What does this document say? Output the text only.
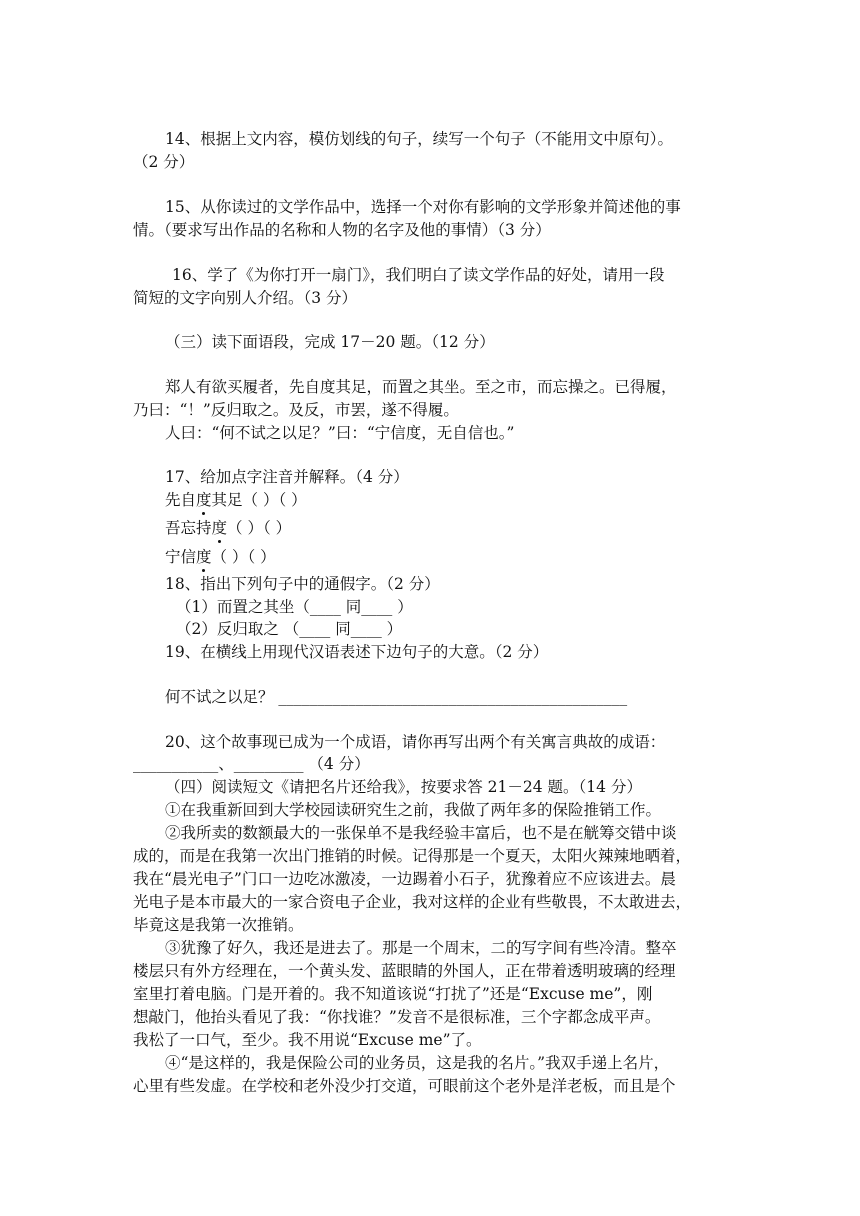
14、根据上文内容，模仿划线的句子，续写一个句子（不能用文中原句）。
（2 分）
15、从你读过的文学作品中，选择一个对你有影响的文学形象并简述他的事
情。（要求写出作品的名称和人物的名字及他的事情）（3 分）
16、学了《为你打开一扇门》，我们明白了读文学作品的好处，请用一段
简短的文字向别人介绍。（3 分）
（三）读下面语段，完成 17－20 题。（12 分）
郑人有欲买履者，先自度其足，而置之其坐。至之市，而忘操之。已得履，
乃曰：“！”反归取之。及反，市罢，遂不得履。
人曰：“何不试之以足？”曰：“宁信度，无自信也。”
17、给加点字注音并解释。（4 分）
先自度其足（ ）（ ）
吾忘持度（ ）（ ）
宁信度（ ）（ ）
18、指出下列句子中的通假字。（2 分）
（1）而置之其坐（____ 同____ ）
（2）反归取之 （____ 同____ ）
19、在横线上用现代汉语表述下边句子的大意。（2 分）
何不试之以足？ _____________________________________________
20、这个故事现已成为一个成语，请你再写出两个有关寓言典故的成语：
___________、_________ （4 分）
（四）阅读短文《请把名片还给我》，按要求答 21－24 题。（14 分）
①在我重新回到大学校园读研究生之前，我做了两年多的保险推销工作。
②我所卖的数额最大的一张保单不是我经验丰富后，也不是在觥筹交错中谈
成的，而是在我第一次出门推销的时候。记得那是一个夏天，太阳火辣辣地晒着，
我在“晨光电子”门口一边吃冰激凌，一边踢着小石子，犹豫着应不应该进去。晨
光电子是本市最大的一家合资电子企业，我对这样的企业有些敬畏，不太敢进去，
毕竟这是我第一次推销。
③犹豫了好久，我还是进去了。那是一个周末，二的写字间有些冷清。整卒
楼层只有外方经理在，一个黄头发、蓝眼睛的外国人，正在带着透明玻璃的经理
室里打着电脑。门是开着的。我不知道该说“打扰了”还是“Excuse me”，刚
想敲门，他抬头看见了我：“你找谁？”发音不是很标准，三个字都念成平声。
我松了一口气，至少。我不用说“Excuse me”了。
④“是这样的，我是保险公司的业务员，这是我的名片。”我双手递上名片，
心里有些发虚。在学校和老外没少打交道，可眼前这个老外是洋老板，而且是个
